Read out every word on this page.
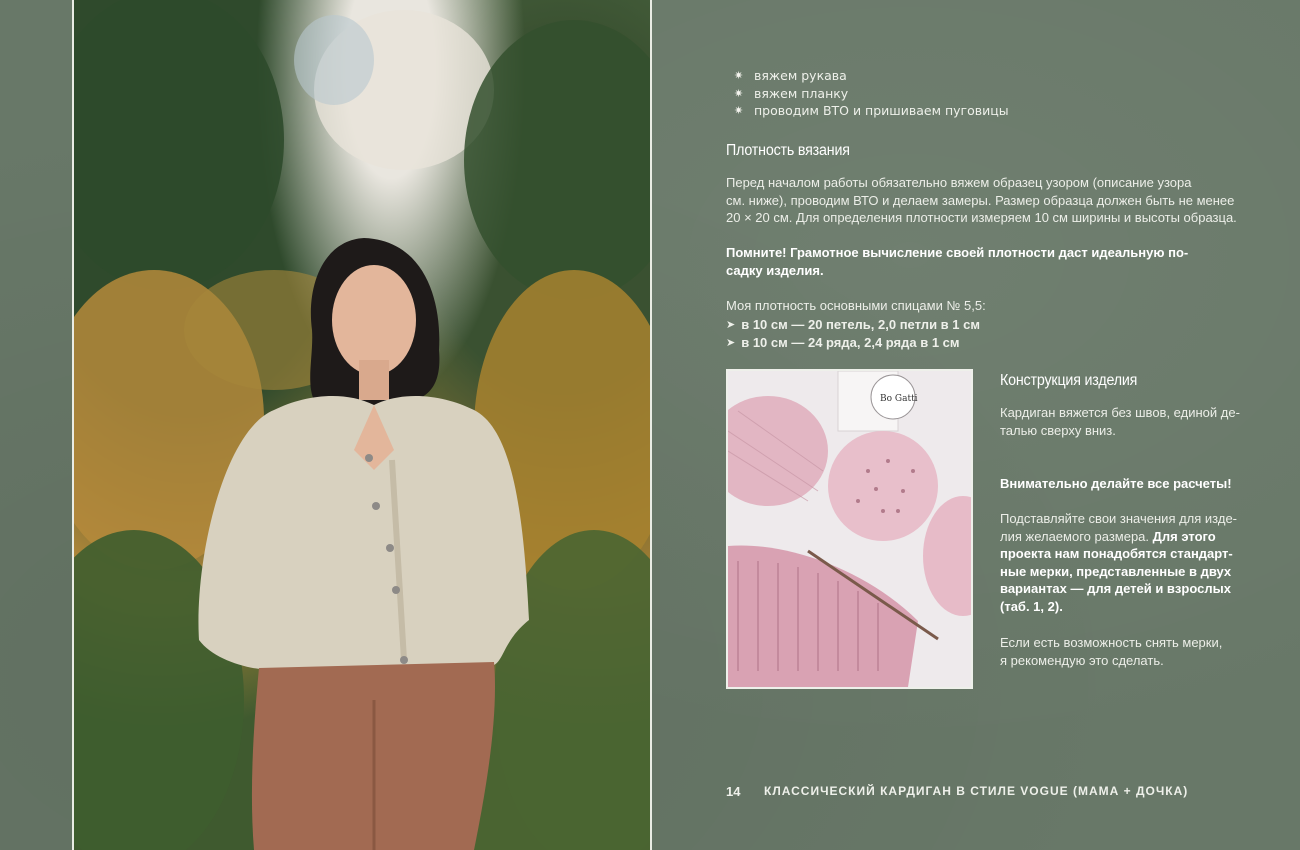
✷ вяжем рукава
✷ вяжем планку
✷ проводим ВТО и пришиваем пуговицы
Плотность вязания
Перед началом работы обязательно вяжем образец узором (описание узора
см. ниже), проводим ВТО и делаем замеры. Размер образца должен быть не менее
20 × 20 см. Для определения плотности измеряем 10 см ширины и высоты образца.
Помните! Грамотное вычисление своей плотности даст идеальную по-
садку изделия.
Моя плотность основными спицами № 5,5:
➤ в 10 см — 20 петель, 2,0 петли в 1 см
➤ в 10 см — 24 ряда, 2,4 ряда в 1 см
Bo Gatti
Конструкция изделия
Кардиган вяжется без швов, единой де-
талью сверху вниз.
Внимательно делайте все расчеты!
Подставляйте свои значения для изде-
лия желаемого размера. Для этого
проекта нам понадобятся стандарт-
ные мерки, представленные в двух
вариантах — для детей и взрослых
(таб. 1, 2).
Если есть возможность снять мерки,
я рекомендую это сделать.
14 КЛАССИЧЕСКИЙ КАРДИГАН В СТИЛЕ VOGUE (МАМА + ДОЧКА)
